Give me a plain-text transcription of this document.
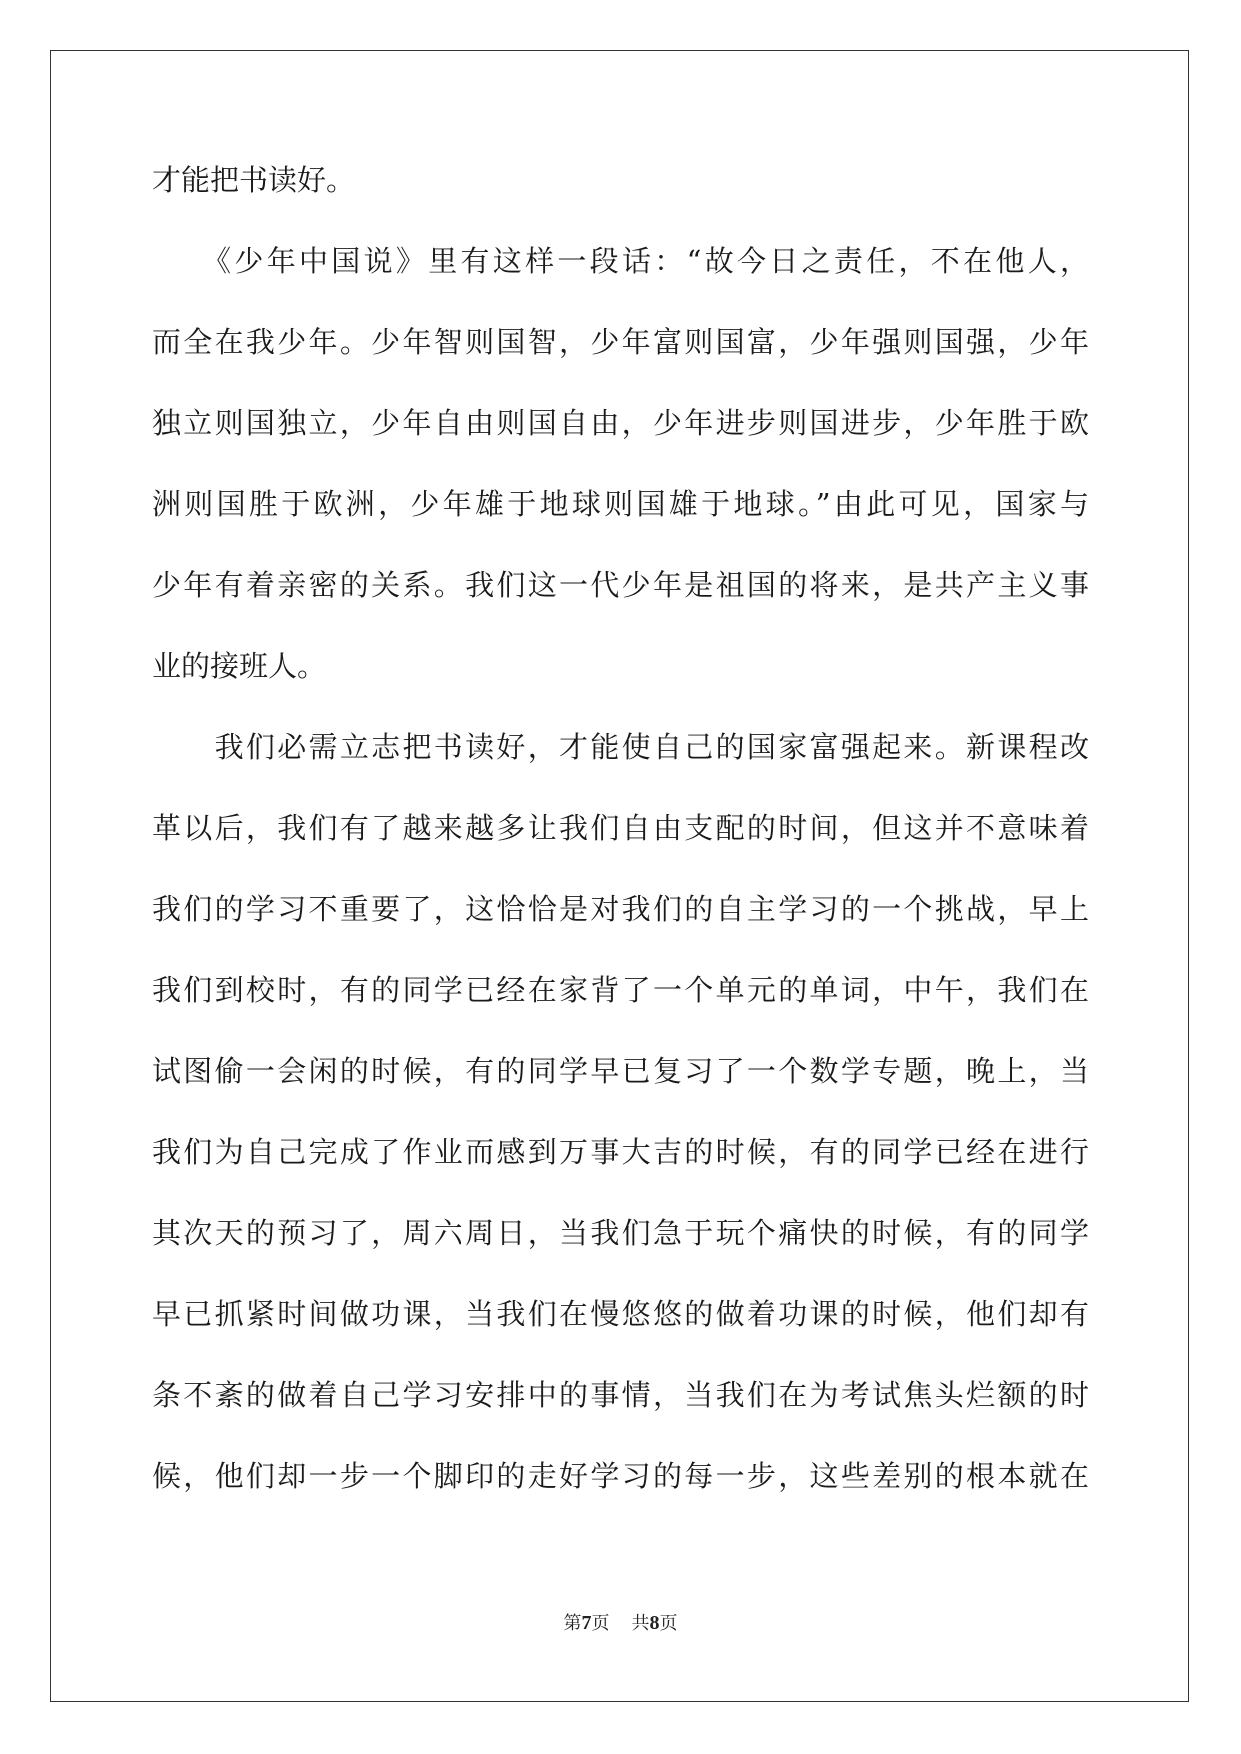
才能把书读好。
　　《少年中国说》里有这样一段话：“故今日之责任，不在他人，
而全在我少年。少年智则国智，少年富则国富，少年强则国强，少年
独立则国独立，少年自由则国自由，少年进步则国进步，少年胜于欧
洲则国胜于欧洲，少年雄于地球则国雄于地球。”由此可见，国家与
少年有着亲密的关系。我们这一代少年是祖国的将来，是共产主义事
业的接班人。
　　我们必需立志把书读好，才能使自己的国家富强起来。新课程改
革以后，我们有了越来越多让我们自由支配的时间，但这并不意味着
我们的学习不重要了，这恰恰是对我们的自主学习的一个挑战，早上
我们到校时，有的同学已经在家背了一个单元的单词，中午，我们在
试图偷一会闲的时候，有的同学早已复习了一个数学专题，晚上，当
我们为自己完成了作业而感到万事大吉的时候，有的同学已经在进行
其次天的预习了，周六周日，当我们急于玩个痛快的时候，有的同学
早已抓紧时间做功课，当我们在慢悠悠的做着功课的时候，他们却有
条不紊的做着自己学习安排中的事情，当我们在为考试焦头烂额的时
候，他们却一步一个脚印的走好学习的每一步，这些差别的根本就在
第7页 共8页
